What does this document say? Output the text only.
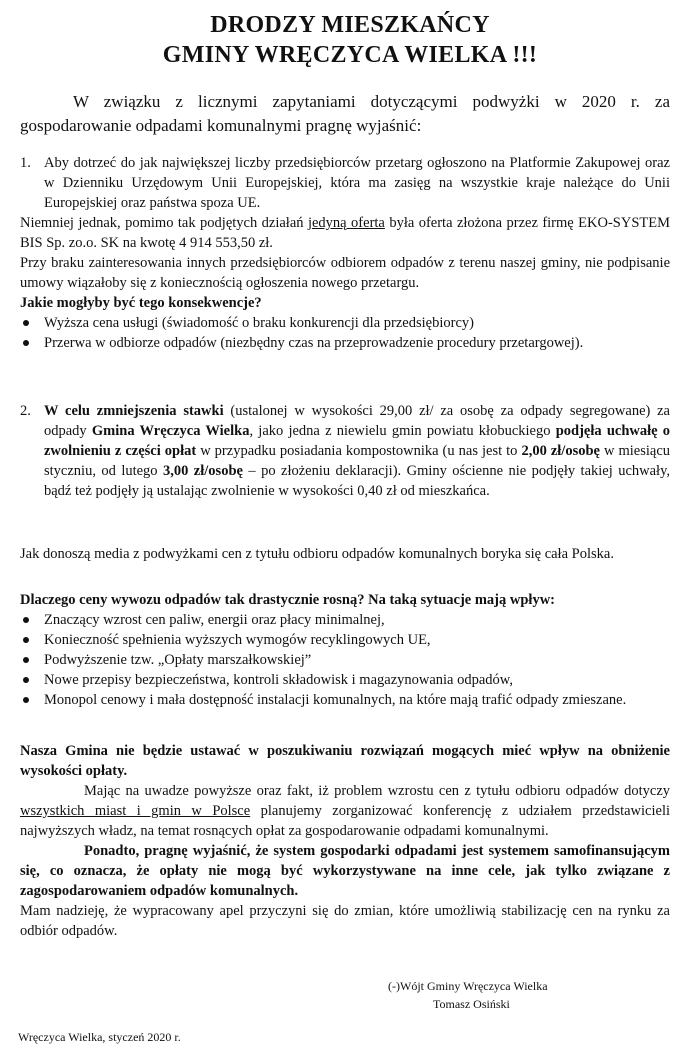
DRODZY MIESZKAŃCY
GMINY WRĘCZYCA WIELKA !!!
W związku z licznymi zapytaniami dotyczącymi podwyżki w 2020 r. za gospodarowanie odpadami komunalnymi pragnę wyjaśnić:
1. Aby dotrzeć do jak największej liczby przedsiębiorców przetarg ogłoszono na Platformie Zakupowej oraz w Dzienniku Urzędowym Unii Europejskiej, która ma zasięg na wszystkie kraje należące do Unii Europejskiej oraz państwa spoza UE.

Niemniej jednak, pomimo tak podjętych działań jedyną oferta była oferta złożona przez firmę EKO-SYSTEM BIS Sp. zo.o. SK na kwotę 4 914 553,50 zł.

Przy braku zainteresowania innych przedsiębiorców odbiorem odpadów z terenu naszej gminy, nie podpisanie umowy wiązałoby się z koniecznością ogłoszenia nowego przetargu.

Jakie mogłyby być tego konsekwencje?

Wyższa cena usługi (świadomość o braku konkurencji dla przedsiębiorcy)
Przerwa w odbiorze odpadów (niezbędny czas na przeprowadzenie procedury przetargowej).
2. W celu zmniejszenia stawki (ustalonej w wysokości 29,00 zł/ za osobę za odpady segregowane) za odpady Gmina Wręczyca Wielka, jako jedna z niewielu gmin powiatu kłobuckiego podjęła uchwałę o zwolnieniu z części opłat w przypadku posiadania kompostownika (u nas jest to 2,00 zł/osobę w miesiącu styczniu, od lutego 3,00 zł/osobę – po złożeniu deklaracji). Gminy ościenne nie podjęły takiej uchwały, bądź też podjęły ją ustalając zwolnienie w wysokości 0,40 zł od mieszkańca.

Jak donoszą media z podwyżkami cen z tytułu odbioru odpadów komunalnych boryka się cała Polska.

Dlaczego ceny wywozu odpadów tak drastycznie rosną? Na taką sytuacje mają wpływ:

Znaczący wzrost cen paliw, energii oraz płacy minimalnej,
Konieczność spełnienia wyższych wymogów recyklingowych UE,
Podwyższenie tzw. „Opłaty marszałkowskiej”
Nowe przepisy bezpieczeństwa, kontroli składowisk i magazynowania odpadów,
Monopol cenowy i mała dostępność instalacji komunalnych, na które mają trafić odpady zmieszane.

Nasza Gmina nie będzie ustawać w poszukiwaniu rozwiązań mogących mieć wpływ na obniżenie wysokości opłaty.

Mając na uwadze powyższe oraz fakt, iż problem wzrostu cen z tytułu odbioru odpadów dotyczy wszystkich miast i gmin w Polsce planujemy zorganizować konferencję z udziałem przedstawicieli najwyższych władz, na temat rosnących opłat za gospodarowanie odpadami komunalnymi.

Ponadto, pragnę wyjaśnić, że system gospodarki odpadami jest systemem samofinansującym się, co oznacza, że opłaty nie mogą być wykorzystywane na inne cele, jak tylko związane z zagospodarowaniem odpadów komunalnych.

Mam nadzieję, że wypracowany apel przyczyni się do zmian, które umożliwią stabilizację cen na rynku za odbiór odpadów.

(-)Wójt Gminy Wręczyca Wielka
Tomasz Osiński
Wręczyca Wielka, styczeń 2020 r.
